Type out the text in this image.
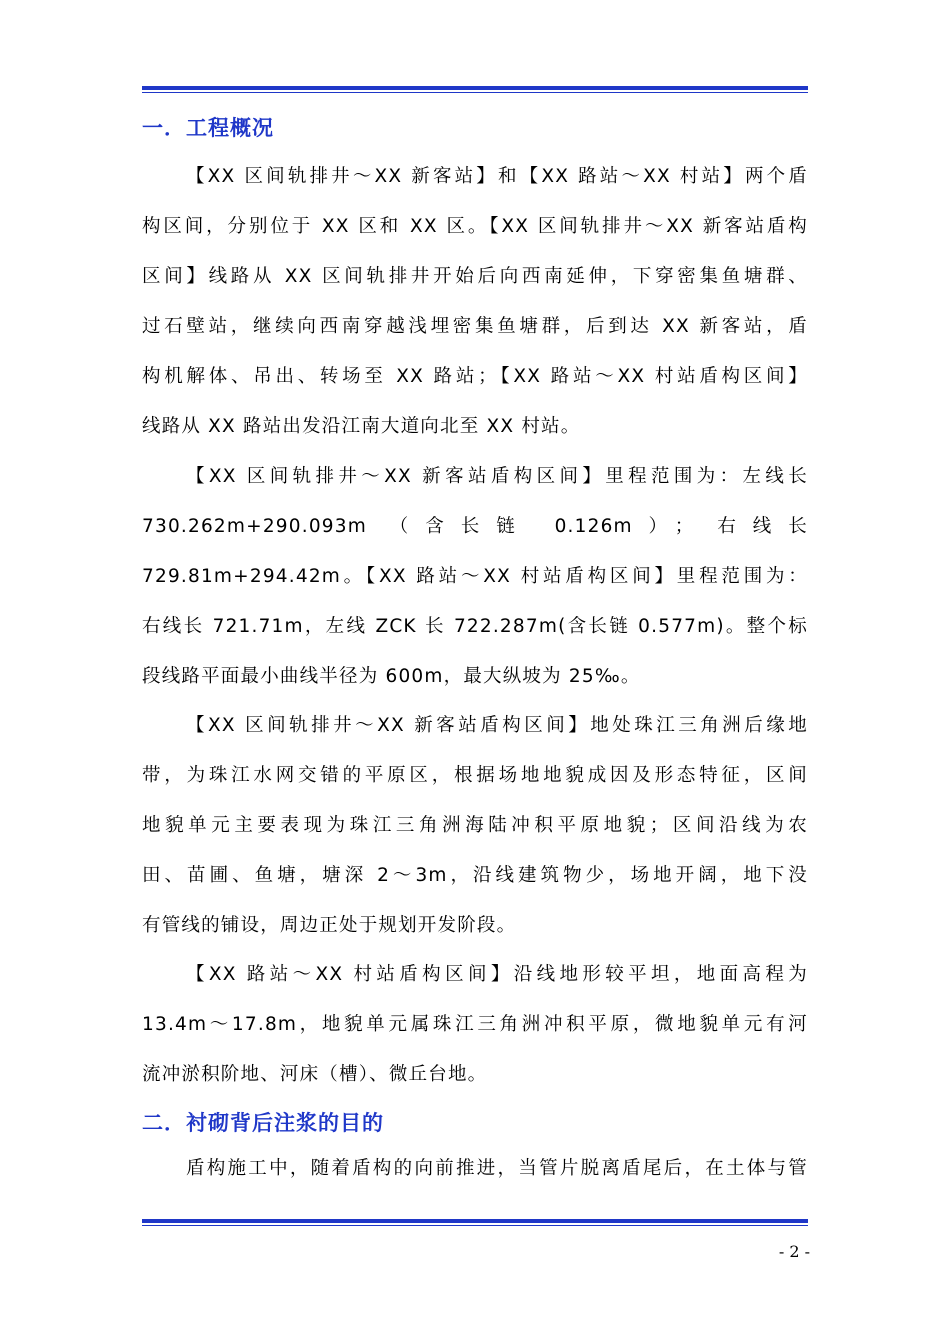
一．工程概况
【XX 区间轨排井～XX 新客站】和【XX 路站～XX 村站】两个盾
构区间，分别位于 XX 区和 XX 区。【XX 区间轨排井～XX 新客站盾构
区间】线路从 XX 区间轨排井开始后向西南延伸，下穿密集鱼塘群、
过石壁站，继续向西南穿越浅埋密集鱼塘群，后到达 XX 新客站，盾
构机解体、吊出、转场至 XX 路站；【XX 路站～XX 村站盾构区间】
线路从 XX 路站出发沿江南大道向北至 XX 村站。
【XX 区间轨排井～XX 新客站盾构区间】里程范围为：左线长
730.262m+290.093m （含长链 0.126m）； 右线长
729.81m+294.42m。【XX 路站～XX 村站盾构区间】里程范围为：
右线长 721.71m，左线 ZCK 长 722.287m(含长链 0.577m)。整个标
段线路平面最小曲线半径为 600m，最大纵坡为 25‰。
【XX 区间轨排井～XX 新客站盾构区间】地处珠江三角洲后缘地
带，为珠江水网交错的平原区，根据场地地貌成因及形态特征，区间
地貌单元主要表现为珠江三角洲海陆冲积平原地貌；区间沿线为农
田、苗圃、鱼塘，塘深 2～3m，沿线建筑物少，场地开阔，地下没
有管线的铺设，周边正处于规划开发阶段。
【XX 路站～XX 村站盾构区间】沿线地形较平坦，地面高程为
13.4m～17.8m，地貌单元属珠江三角洲冲积平原，微地貌单元有河
流冲淤积阶地、河床（槽）、微丘台地。
二．衬砌背后注浆的目的
盾构施工中，随着盾构的向前推进，当管片脱离盾尾后，在土体与管
- 2 -
